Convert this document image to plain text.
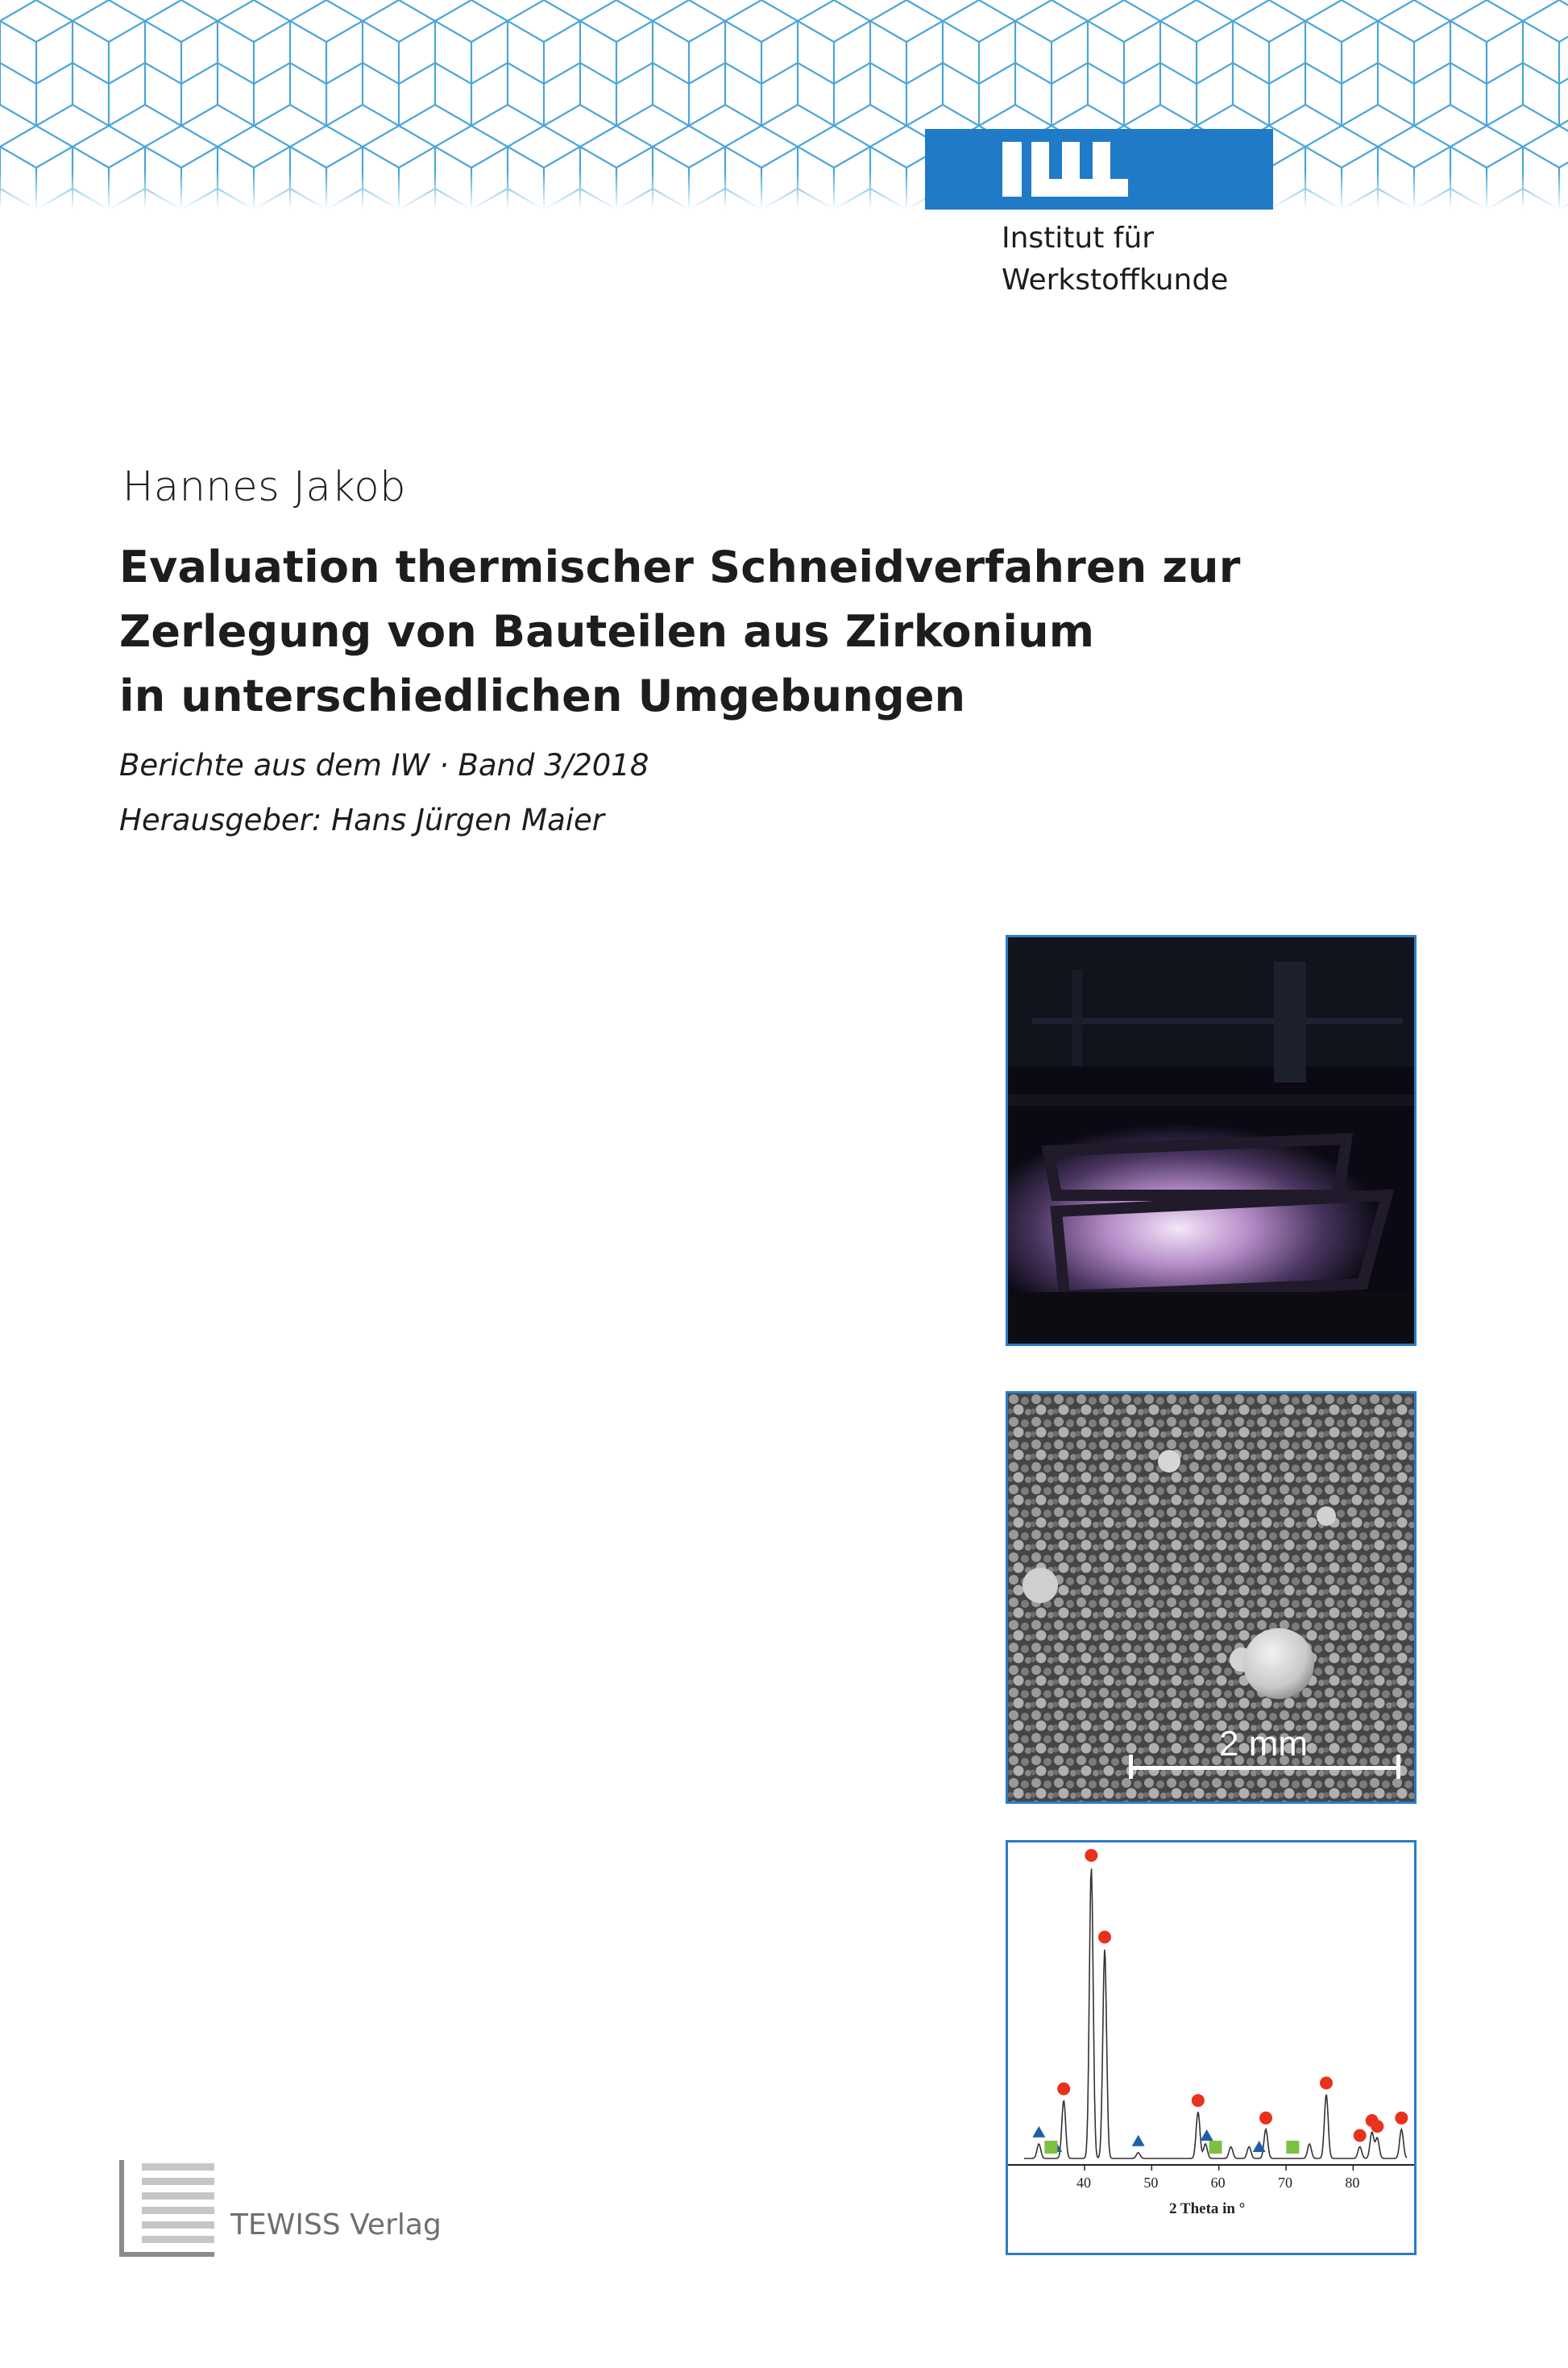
Institut für
Werkstoffkunde
Hannes Jakob
Evaluation thermischer Schneidverfahren zur
Zerlegung von Bauteilen aus Zirkonium
in unterschiedlichen Umgebungen
Berichte aus dem IW · Band 3/2018
Herausgeber: Hans Jürgen Maier
2 mm
40	50	60	70	80
2 Theta in °
TEWISS Verlag
